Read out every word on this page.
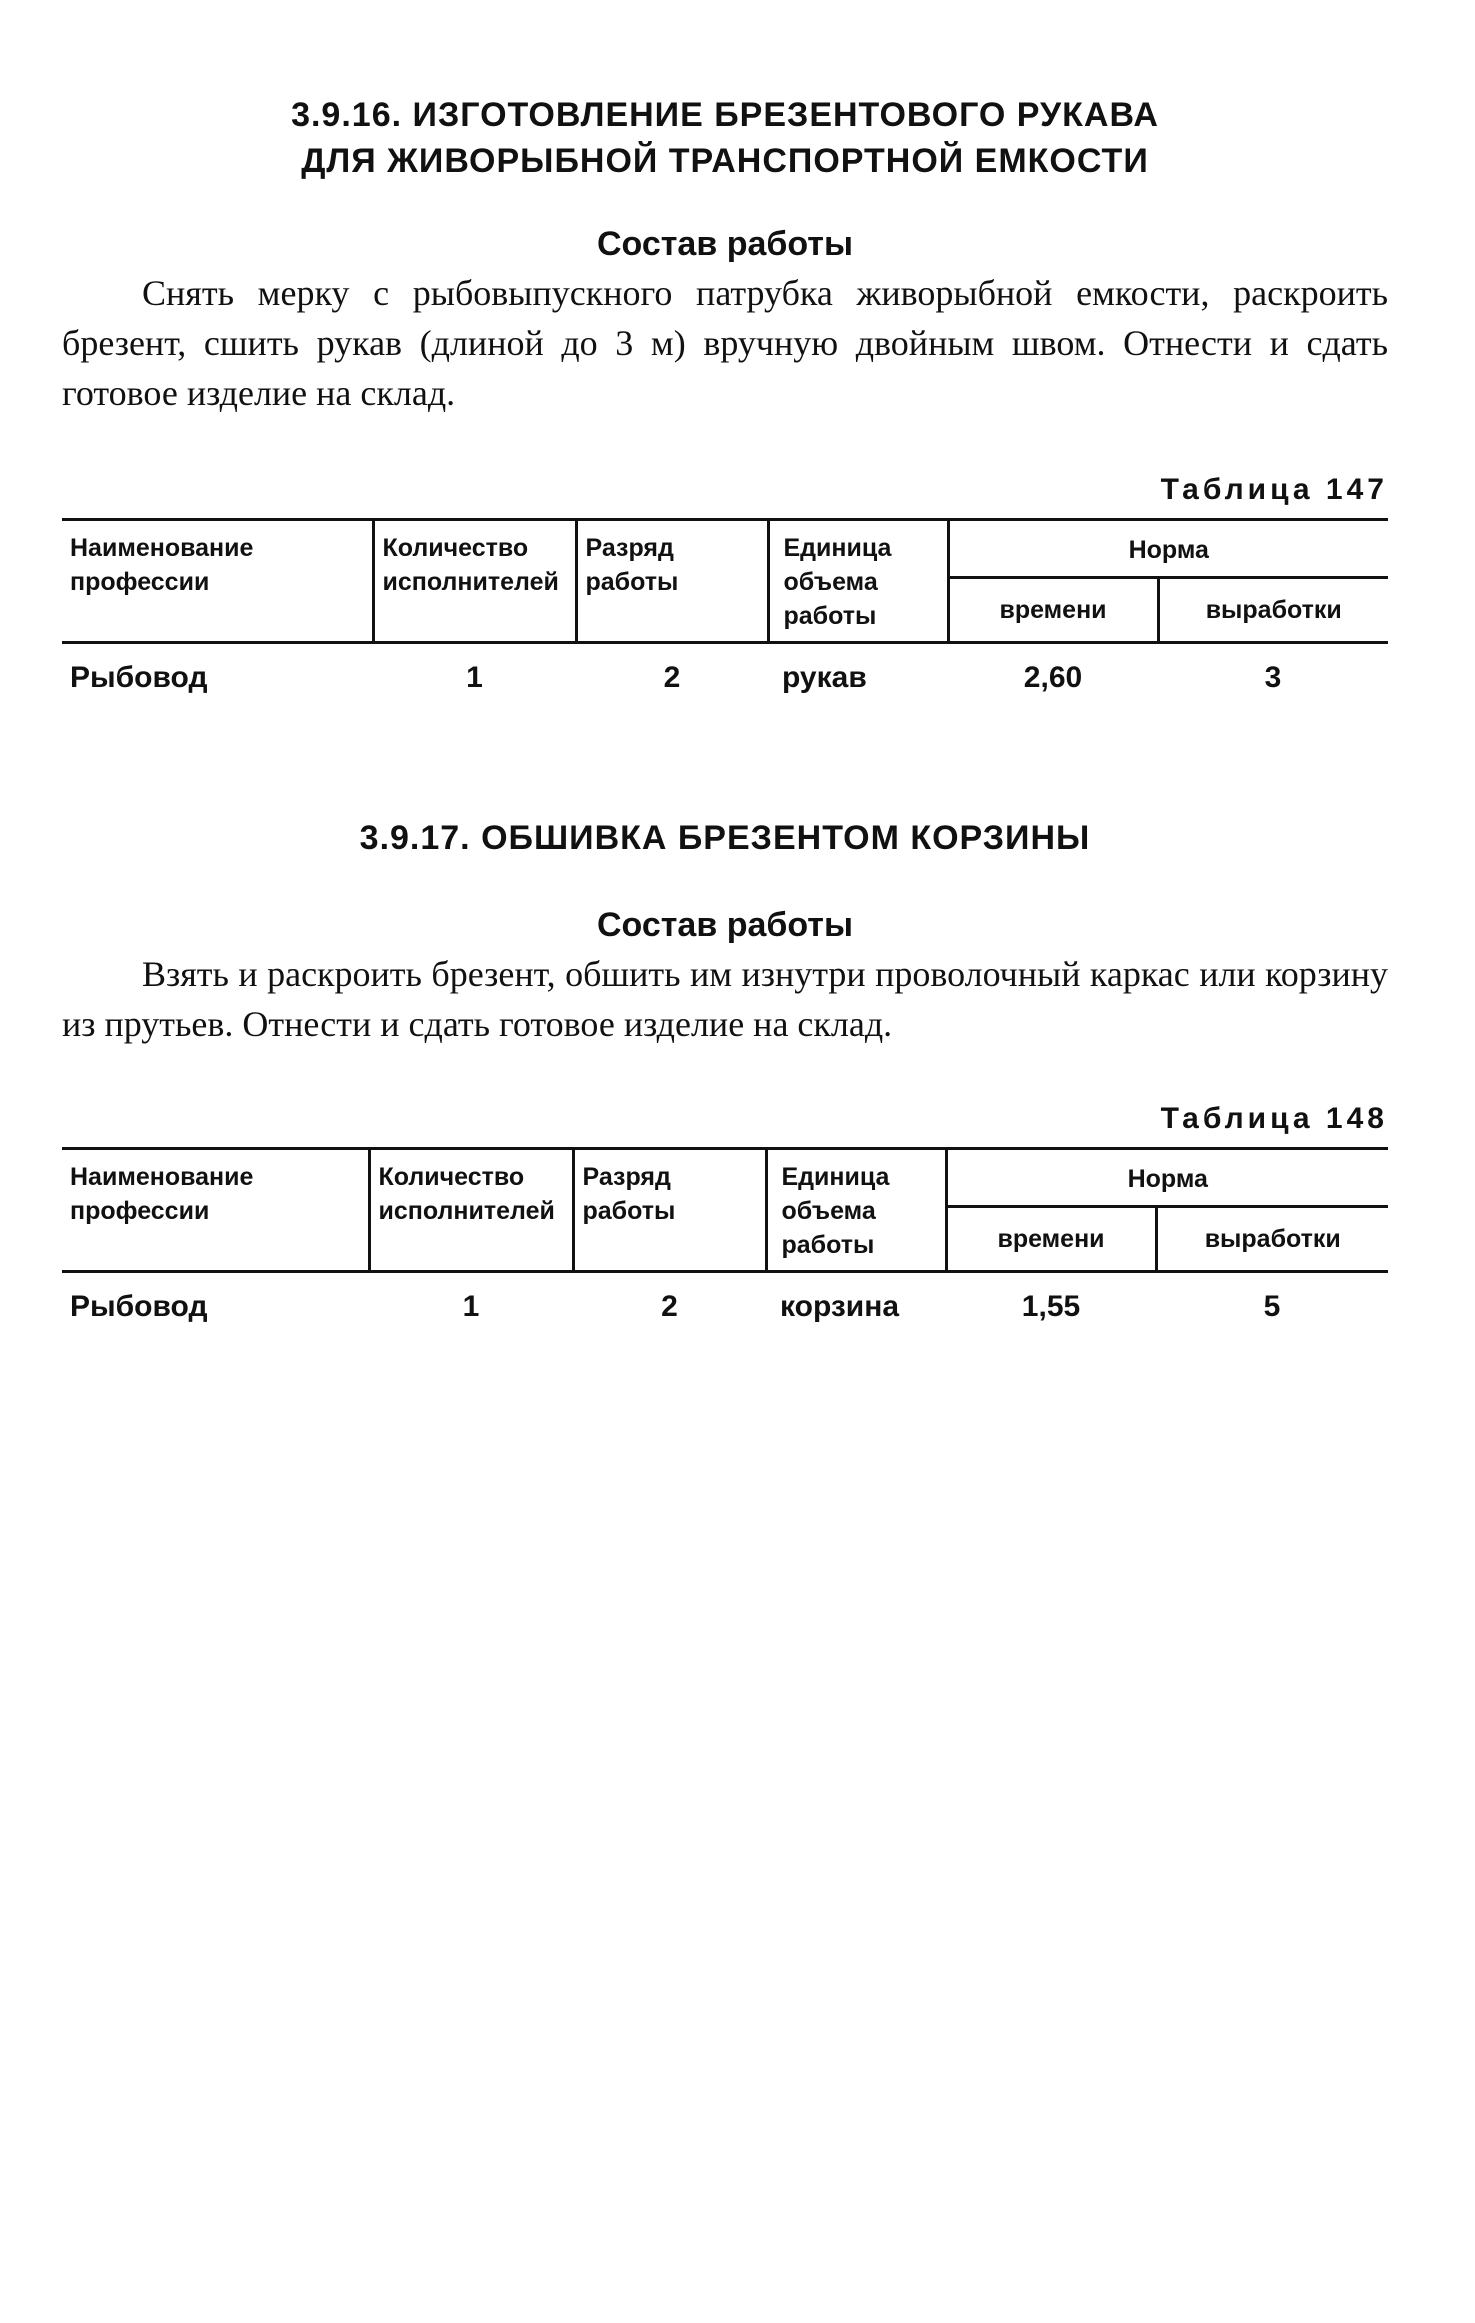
3.9.16. ИЗГОТОВЛЕНИЕ БРЕЗЕНТОВОГО РУКАВА
ДЛЯ ЖИВОРЫБНОЙ ТРАНСПОРТНОЙ ЕМКОСТИ
Состав работы

Снять мерку с рыбовыпускного патрубка живорыбной емкости, раскроить брезент, сшить рукав (длиной до 3 м) вручную двойным швом. Отнести и сдать готовое изделие на склад.

Таблица 147
Наименование профессии	Количество исполнителей	Разряд работы	Единица объема работы	Норма	
				времени	выработки
Рыбовод	1	2	рукав	2,60	3
3.9.17. ОБШИВКА БРЕЗЕНТОМ КОРЗИНЫ
Состав работы

Взять и раскроить брезент, обшить им изнутри проволочный каркас или корзину из прутьев. Отнести и сдать готовое изделие на склад.

Таблица 148
Наименование профессии	Количество исполнителей	Разряд работы	Единица объема работы	Норма	
				времени	выработки
Рыбовод	1	2	корзина	1,55	5
